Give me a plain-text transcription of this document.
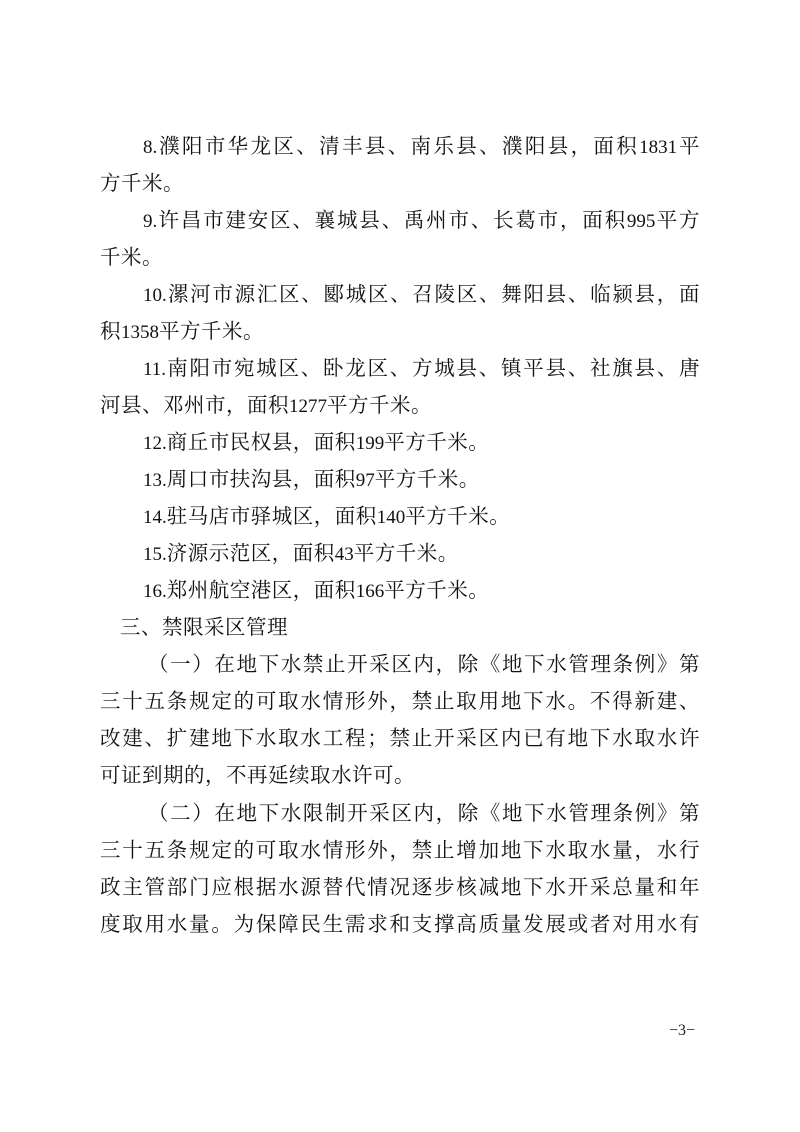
8.濮阳市华龙区、清丰县、南乐县、濮阳县，面积1831平
方千米。
9.许昌市建安区、襄城县、禹州市、长葛市，面积995平方
千米。
10.漯河市源汇区、郾城区、召陵区、舞阳县、临颍县，面
积1358平方千米。
11.南阳市宛城区、卧龙区、方城县、镇平县、社旗县、唐
河县、邓州市，面积1277平方千米。
12.商丘市民权县，面积199平方千米。
13.周口市扶沟县，面积97平方千米。
14.驻马店市驿城区，面积140平方千米。
15.济源示范区，面积43平方千米。
16.郑州航空港区，面积166平方千米。
三、禁限采区管理
（一）在地下水禁止开采区内，除《地下水管理条例》第
三十五条规定的可取水情形外，禁止取用地下水。不得新建、
改建、扩建地下水取水工程；禁止开采区内已有地下水取水许
可证到期的，不再延续取水许可。
（二）在地下水限制开采区内，除《地下水管理条例》第
三十五条规定的可取水情形外，禁止增加地下水取水量，水行
政主管部门应根据水源替代情况逐步核减地下水开采总量和年
度取用水量。为保障民生需求和支撑高质量发展或者对用水有
−3−
